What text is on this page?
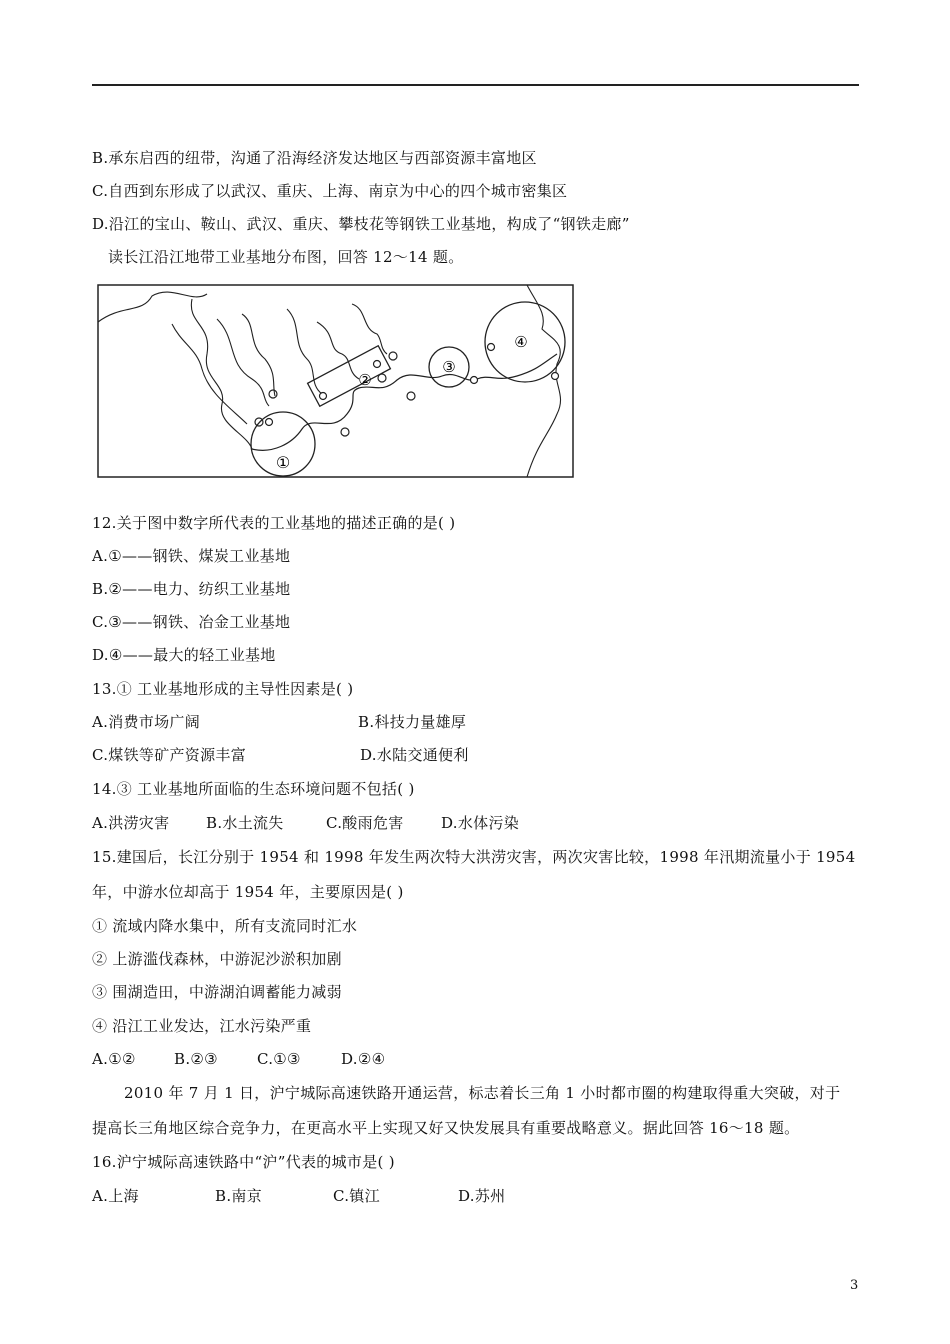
B.承东启西的纽带，沟通了沿海经济发达地区与西部资源丰富地区
C.自西到东形成了以武汉、重庆、上海、南京为中心的四个城市密集区
D.沿江的宝山、鞍山、武汉、重庆、攀枝花等钢铁工业基地，构成了“钢铁走廊”
读长江沿江地带工业基地分布图，回答 12～14 题。
①
②
③
④
12.关于图中数字所代表的工业基地的描述正确的是( )
A.①——钢铁、煤炭工业基地
B.②——电力、纺织工业基地
C.③——钢铁、冶金工业基地
D.④——最大的轻工业基地
13.① 工业基地形成的主导性因素是( )
A.消费市场广阔	B.科技力量雄厚
C.煤铁等矿产资源丰富	D.水陆交通便利
14.③ 工业基地所面临的生态环境问题不包括( )
A.洪涝灾害 B.水土流失	C.酸雨危害 D.水体污染
15.建国后，长江分别于 1954 和 1998 年发生两次特大洪涝灾害，两次灾害比较，1998 年汛期流量小于 1954
年，中游水位却高于 1954 年，主要原因是( )
① 流域内降水集中，所有支流同时汇水
② 上游滥伐森林，中游泥沙淤积加剧
③ 围湖造田，中游湖泊调蓄能力减弱
④ 沿江工业发达，江水污染严重
A.①②	B.②③	C.①③	D.②④
2010 年 7 月 1 日，沪宁城际高速铁路开通运营，标志着长三角 1 小时都市圈的构建取得重大突破，对于
提高长三角地区综合竞争力，在更高水平上实现又好又快发展具有重要战略意义。据此回答 16～18 题。
16.沪宁城际高速铁路中“沪”代表的城市是( )
A.上海	B.南京	C.镇江	D.苏州
3
